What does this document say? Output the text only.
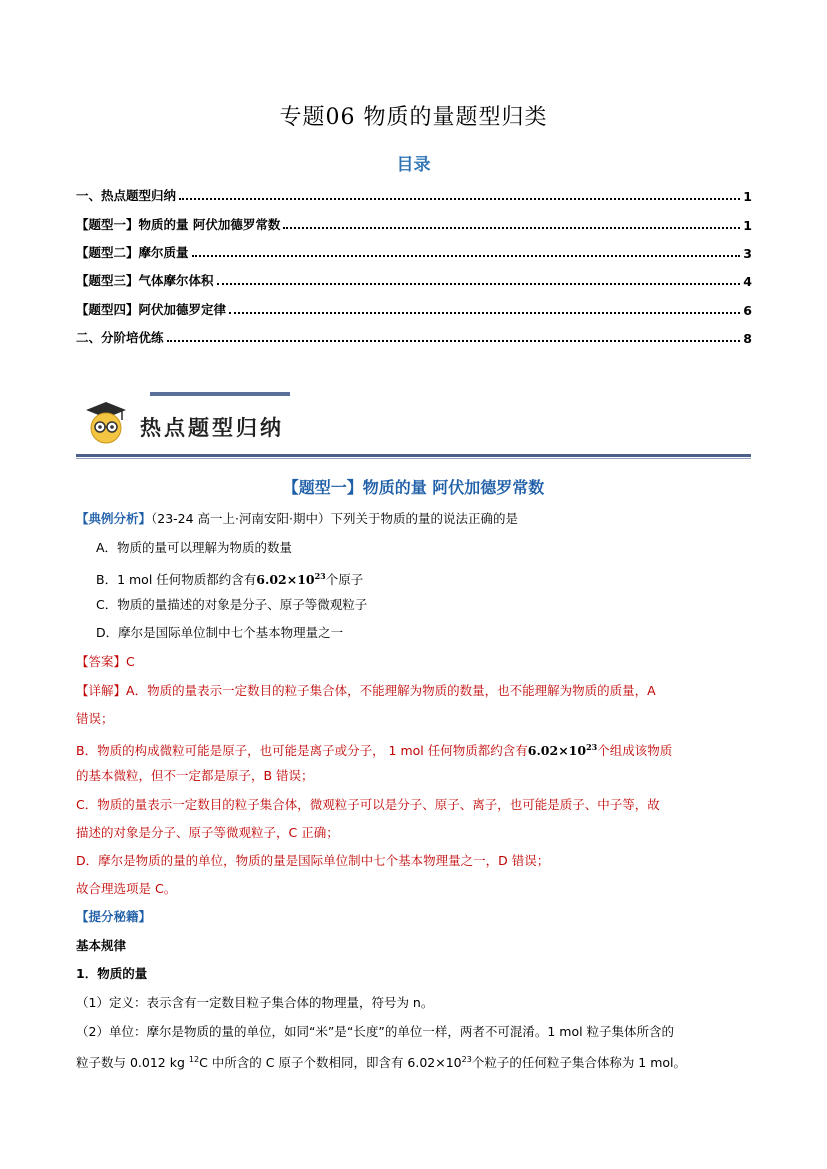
专题06 物质的量题型归类
目录
一、热点题型归纳	1
【题型一】物质的量 阿伏加德罗常数	1
【题型二】摩尔质量	3
【题型三】气体摩尔体积	4
【题型四】阿伏加德罗定律	6
二、分阶培优练	8
热点题型归纳
【题型一】物质的量 阿伏加德罗常数
【典例分析】（23-24 高一上·河南安阳·期中）下列关于物质的量的说法正确的是
A．物质的量可以理解为物质的数量
B．1 mol 任何物质都约含有$6.02\times 10^{23}$个原子
C．物质的量描述的对象是分子、原子等微观粒子
D．摩尔是国际单位制中七个基本物理量之一
【答案】C
【详解】A．物质的量表示一定数目的粒子集合体，不能理解为物质的数量，也不能理解为物质的质量，A
错误；
B．物质的构成微粒可能是原子，也可能是离子或分子， 1 mol 任何物质都约含有$6.02\times 10^{23}$个组成该物质
的基本微粒，但不一定都是原子，B 错误；
C．物质的量表示一定数目的粒子集合体，微观粒子可以是分子、原子、离子，也可能是质子、中子等，故
描述的对象是分子、原子等微观粒子，C 正确；
D．摩尔是物质的量的单位，物质的量是国际单位制中七个基本物理量之一，D 错误；
故合理选项是 C。
【提分秘籍】
基本规律
1．物质的量
（1）定义：表示含有一定数目粒子集合体的物理量，符号为 n。
（2）单位：摩尔是物质的量的单位，如同“米”是“长度”的单位一样，两者不可混淆。1 mol 粒子集体所含的
粒子数与 0.012 kg $^{12}$C 中所含的 C 原子个数相同，即含有 $6.02\times 10^{23}$个粒子的任何粒子集合体称为 1 mol。
